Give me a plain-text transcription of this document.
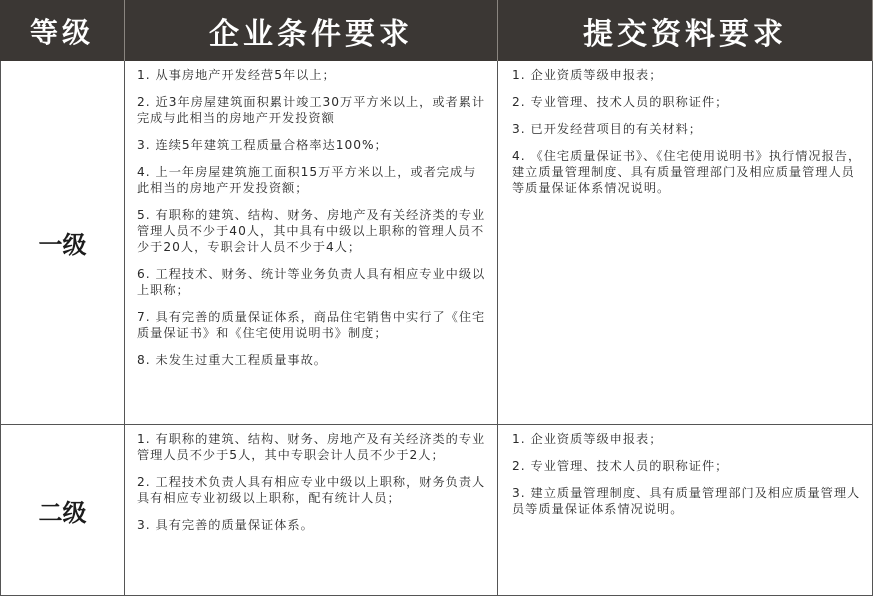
等级	企业条件要求	提交资料要求
一级

1. 从事房地产开发经营5年以上；

2. 近3年房屋建筑面积累计竣工30万平方米以上，或者累计完成与此相当的房地产开发投资额

3. 连续5年建筑工程质量合格率达100%；

4. 上一年房屋建筑施工面积15万平方米以上，或者完成与此相当的房地产开发投资额；

5. 有职称的建筑、结构、财务、房地产及有关经济类的专业管理人员不少于40人，其中具有中级以上职称的管理人员不少于20人，专职会计人员不少于4人；

6. 工程技术、财务、统计等业务负责人具有相应专业中级以上职称；

7. 具有完善的质量保证体系，商品住宅销售中实行了《住宅质量保证书》和《住宅使用说明书》制度；

8. 未发生过重大工程质量事故。

1. 企业资质等级申报表；

2. 专业管理、技术人员的职称证件；

3. 已开发经营项目的有关材料；

4. 《住宅质量保证书》、《住宅使用说明书》执行情况报告，建立质量管理制度、具有质量管理部门及相应质量管理人员等质量保证体系情况说明。

二级

1. 有职称的建筑、结构、财务、房地产及有关经济类的专业管理人员不少于5人，其中专职会计人员不少于2人；

2. 工程技术负责人具有相应专业中级以上职称，财务负责人具有相应专业初级以上职称，配有统计人员；

3. 具有完善的质量保证体系。

1. 企业资质等级申报表；

2. 专业管理、技术人员的职称证件；

3. 建立质量管理制度、具有质量管理部门及相应质量管理人员等质量保证体系情况说明。
